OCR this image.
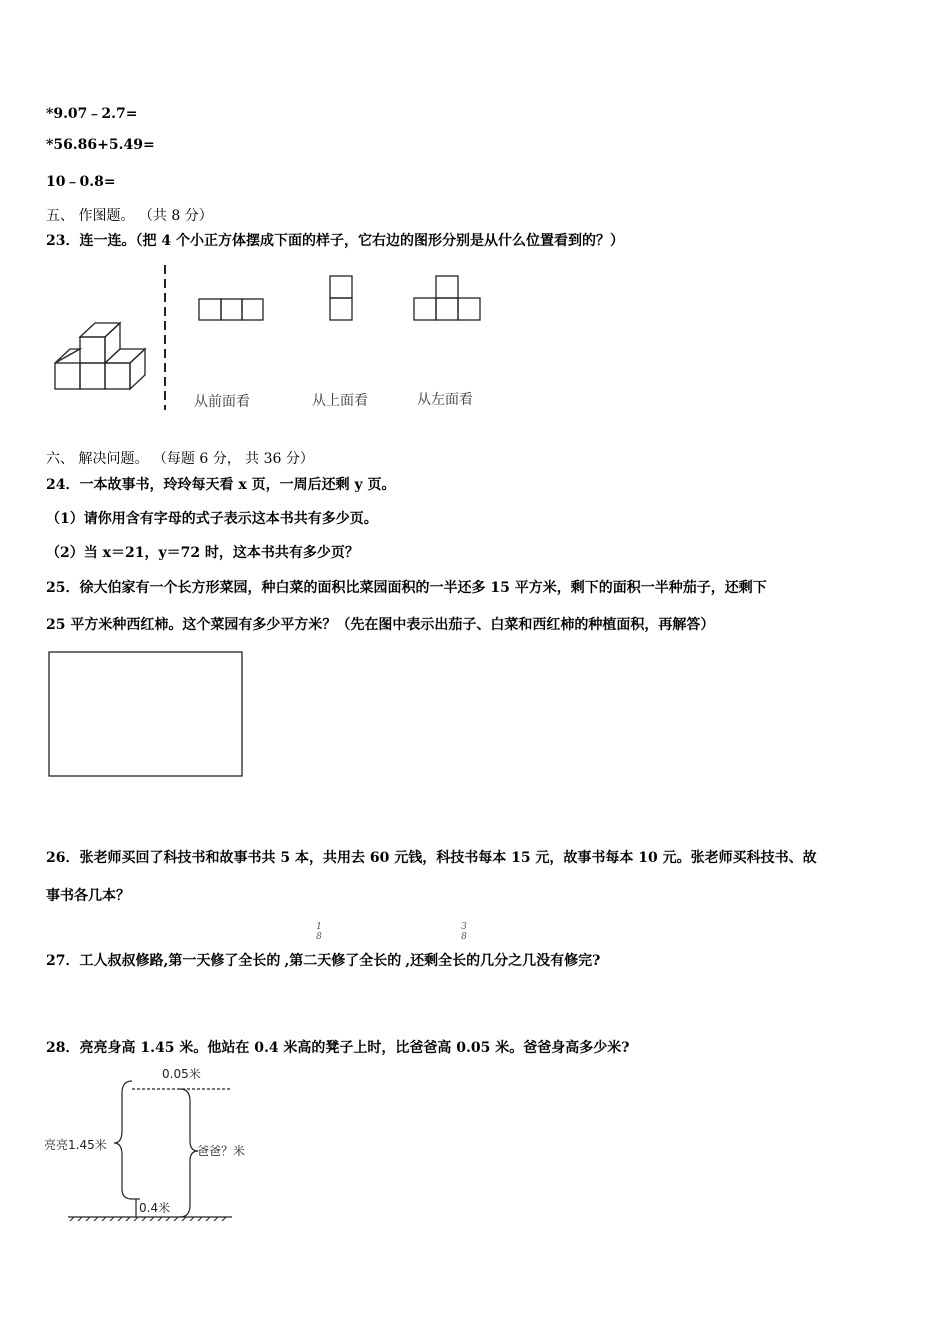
*9.07﹣2.7=
*56.86+5.49=
10﹣0.8=
五、 作图题。 （共 8 分）
23．连一连。（把 4 个小正方体摆成下面的样子，它右边的图形分别是从什么位置看到的？）
从前面看	从上面看	从左面看
六、 解决问题。 （每题 6 分， 共 36 分）
24．一本故事书，玲玲每天看 x 页，一周后还剩 y 页。
（1）请你用含有字母的式子表示这本书共有多少页。
（2）当 x＝21，y＝72 时，这本书共有多少页？
25．徐大伯家有一个长方形菜园，种白菜的面积比菜园面积的一半还多 15 平方米，剩下的面积一半种茄子，还剩下
25 平方米种西红柿。这个菜园有多少平方米？（先在图中表示出茄子、白菜和西红柿的种植面积，再解答）
26．张老师买回了科技书和故事书共 5 本，共用去 60 元钱，科技书每本 15 元，故事书每本 10 元。张老师买科技书、故
事书各几本？
27．工人叔叔修路,第一天修了全长的 ,第二天修了全长的 ,还剩全长的几分之几没有修完?
1
8
3
8
28．亮亮身高 1.45 米。他站在 0.4 米高的凳子上时，比爸爸高 0.05 米。爸爸身高多少米?
0.05米
亮亮1.45米	爸爸？米
0.4米
